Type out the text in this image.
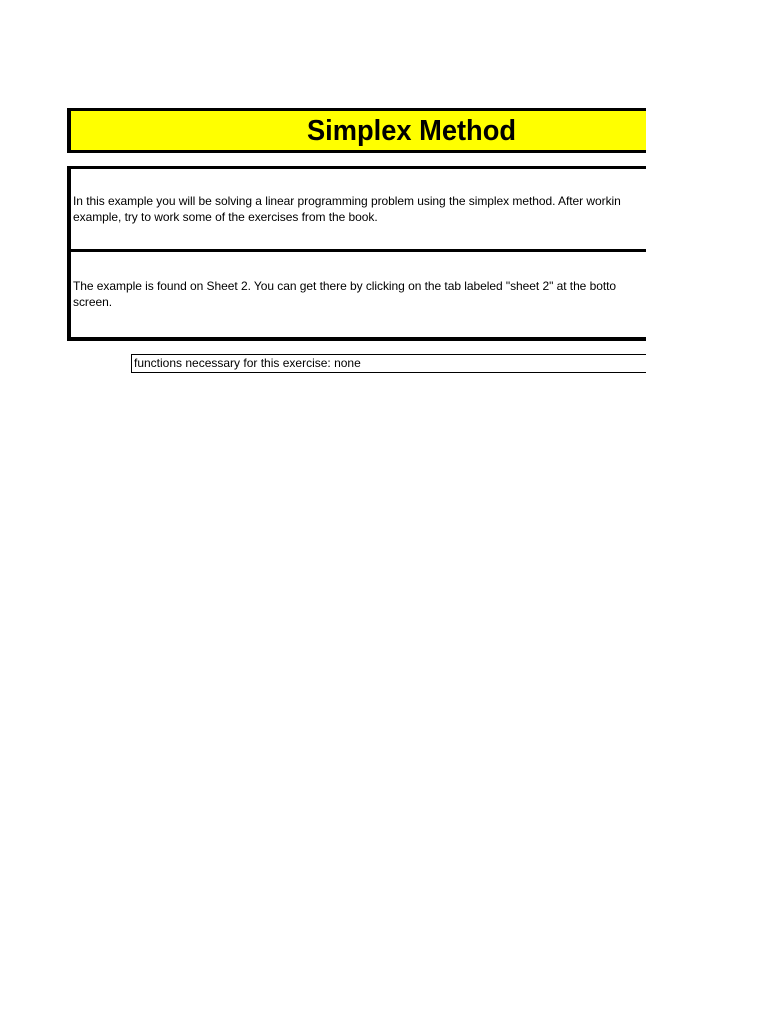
Simplex Method
In this example you will be solving a linear programming problem using the simplex method. After workin
example, try to work some of the exercises from the book.
The example is found on Sheet 2. You can get there by clicking on the tab labeled "sheet 2" at the botto
screen.
functions necessary for this exercise: none
